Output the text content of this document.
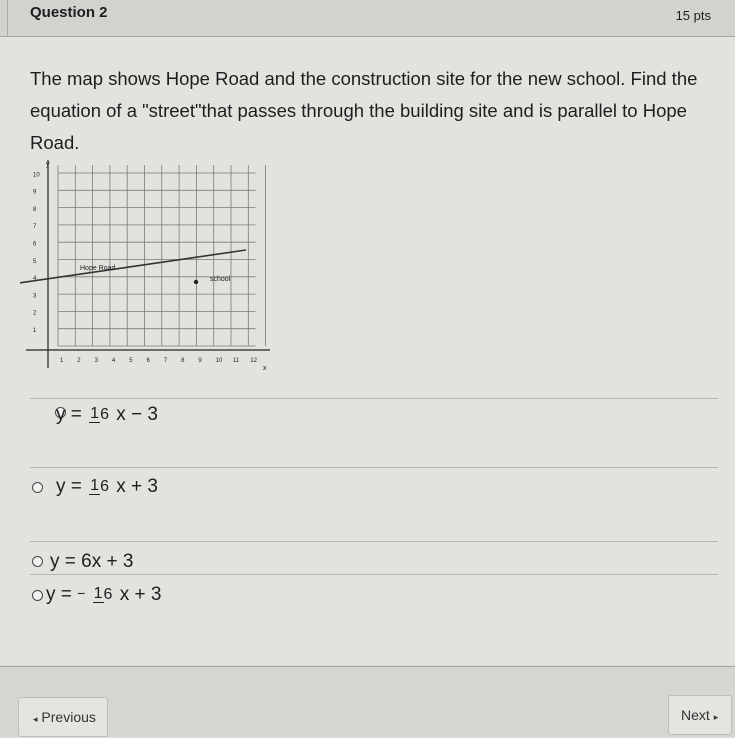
Question 2	15 pts

The map shows Hope Road and the construction site for the new school. Find the equation of a "street"that passes through the building site and is parallel to Hope Road.

1 2 3 4 5 6 7 8 9 10 11 12
1
2
3
4
5
6
7
8
9
10
Hope Road
school
x
y
y = 16 x − 3
y = 16 x + 3
y = 6x + 3
y = − 16 x + 3
◂ Previous	Next ▸
